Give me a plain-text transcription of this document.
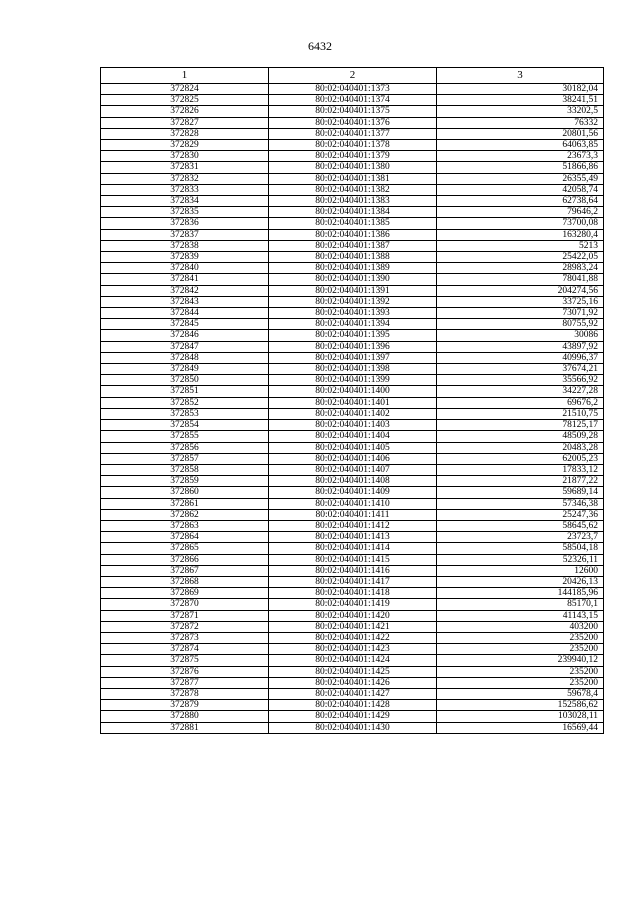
6432
1	2	3
372824	80:02:040401:1373	30182,04
372825	80:02:040401:1374	38241,51
372826	80:02:040401:1375	33202,5
372827	80:02:040401:1376	76332
372828	80:02:040401:1377	20801,56
372829	80:02:040401:1378	64063,85
372830	80:02:040401:1379	23673,3
372831	80:02:040401:1380	51866,86
372832	80:02:040401:1381	26355,49
372833	80:02:040401:1382	42058,74
372834	80:02:040401:1383	62738,64
372835	80:02:040401:1384	79646,2
372836	80:02:040401:1385	73700,08
372837	80:02:040401:1386	163280,4
372838	80:02:040401:1387	5213
372839	80:02:040401:1388	25422,05
372840	80:02:040401:1389	28983,24
372841	80:02:040401:1390	78041,88
372842	80:02:040401:1391	204274,56
372843	80:02:040401:1392	33725,16
372844	80:02:040401:1393	73071,92
372845	80:02:040401:1394	80755,92
372846	80:02:040401:1395	30086
372847	80:02:040401:1396	43897,92
372848	80:02:040401:1397	40996,37
372849	80:02:040401:1398	37674,21
372850	80:02:040401:1399	35566,92
372851	80:02:040401:1400	34227,28
372852	80:02:040401:1401	69676,2
372853	80:02:040401:1402	21510,75
372854	80:02:040401:1403	78125,17
372855	80:02:040401:1404	48509,28
372856	80:02:040401:1405	20483,28
372857	80:02:040401:1406	62005,23
372858	80:02:040401:1407	17833,12
372859	80:02:040401:1408	21877,22
372860	80:02:040401:1409	59689,14
372861	80:02:040401:1410	57346,38
372862	80:02:040401:1411	25247,36
372863	80:02:040401:1412	58645,62
372864	80:02:040401:1413	23723,7
372865	80:02:040401:1414	58504,18
372866	80:02:040401:1415	52326,11
372867	80:02:040401:1416	12600
372868	80:02:040401:1417	20426,13
372869	80:02:040401:1418	144185,96
372870	80:02:040401:1419	85170,1
372871	80:02:040401:1420	41143,15
372872	80:02:040401:1421	403200
372873	80:02:040401:1422	235200
372874	80:02:040401:1423	235200
372875	80:02:040401:1424	239940,12
372876	80:02:040401:1425	235200
372877	80:02:040401:1426	235200
372878	80:02:040401:1427	59678,4
372879	80:02:040401:1428	152586,62
372880	80:02:040401:1429	103028,11
372881	80:02:040401:1430	16569,44
